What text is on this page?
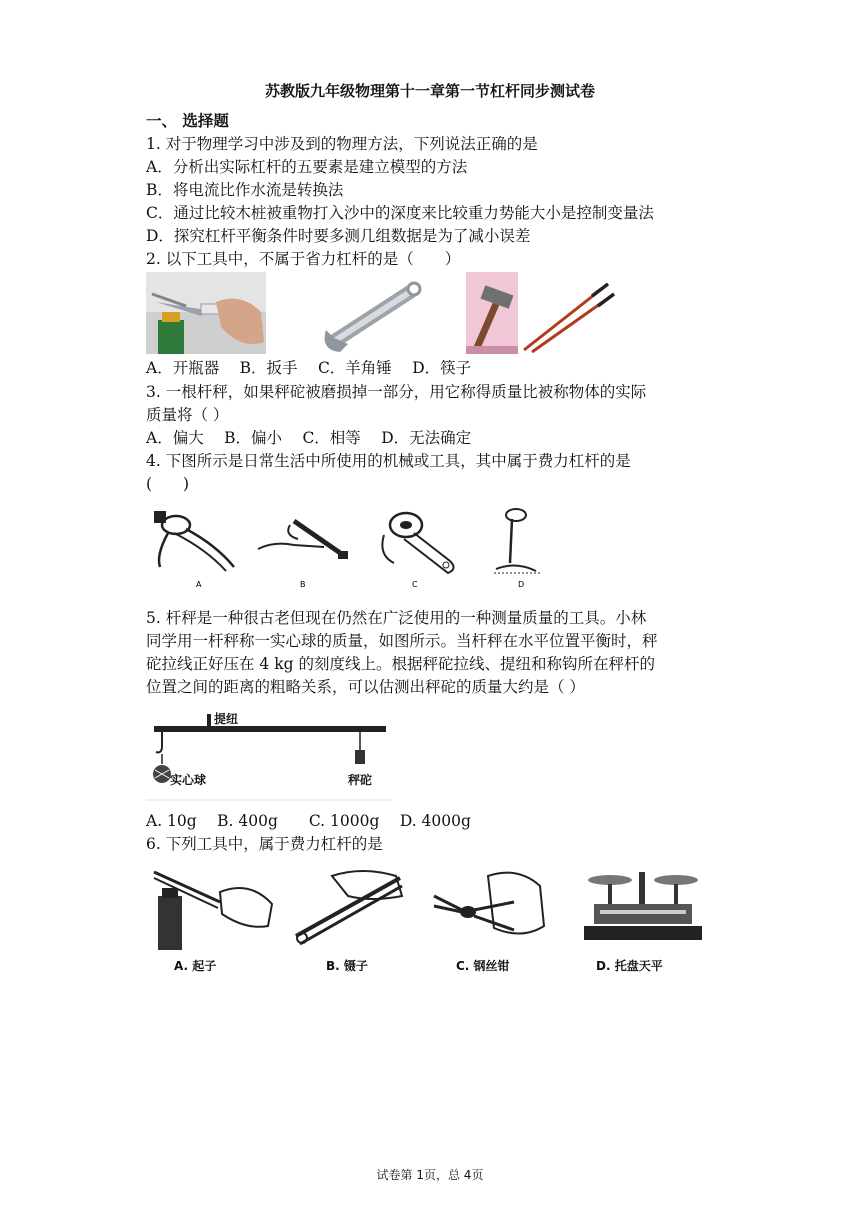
苏教版九年级物理第十一章第一节杠杆同步测试卷
一、 选择题
1. 对于物理学习中涉及到的物理方法，下列说法正确的是
A．分析出实际杠杆的五要素是建立模型的方法
B．将电流比作水流是转换法
C．通过比较木桩被重物打入沙中的深度来比较重力势能大小是控制变量法
D．探究杠杆平衡条件时要多测几组数据是为了减小误差
2. 以下工具中，不属于省力杠杆的是（　　）
A．开瓶器　 B．扳手　 C．羊角锤　 D．筷子
3. 一根杆秤，如果秤砣被磨损掉一部分，用它称得质量比被称物体的实际
质量将（ ）
A．偏大　 B．偏小　 C．相等　 D．无法确定
4. 下图所示是日常生活中所使用的机械或工具，其中属于费力杠杆的是
(　　)
A	B	C	D
5. 杆秤是一种很古老但现在仍然在广泛使用的一种测量质量的工具。小林
同学用一杆秤称一实心球的质量，如图所示。当杆秤在水平位置平衡时，秤
砣拉线正好压在 4 kg 的刻度线上。根据秤砣拉线、提纽和称钩所在秤杆的
位置之间的距离的粗略关系，可以估测出秤砣的质量大约是（ ）
提纽
实心球	秤砣
A. 10g　 B. 400g　　C. 1000g　 D. 4000g
6. 下列工具中，属于费力杠杆的是
A. 起子	B. 镊子	C. 钢丝钳	D. 托盘天平
试卷第 1页，总 4页
